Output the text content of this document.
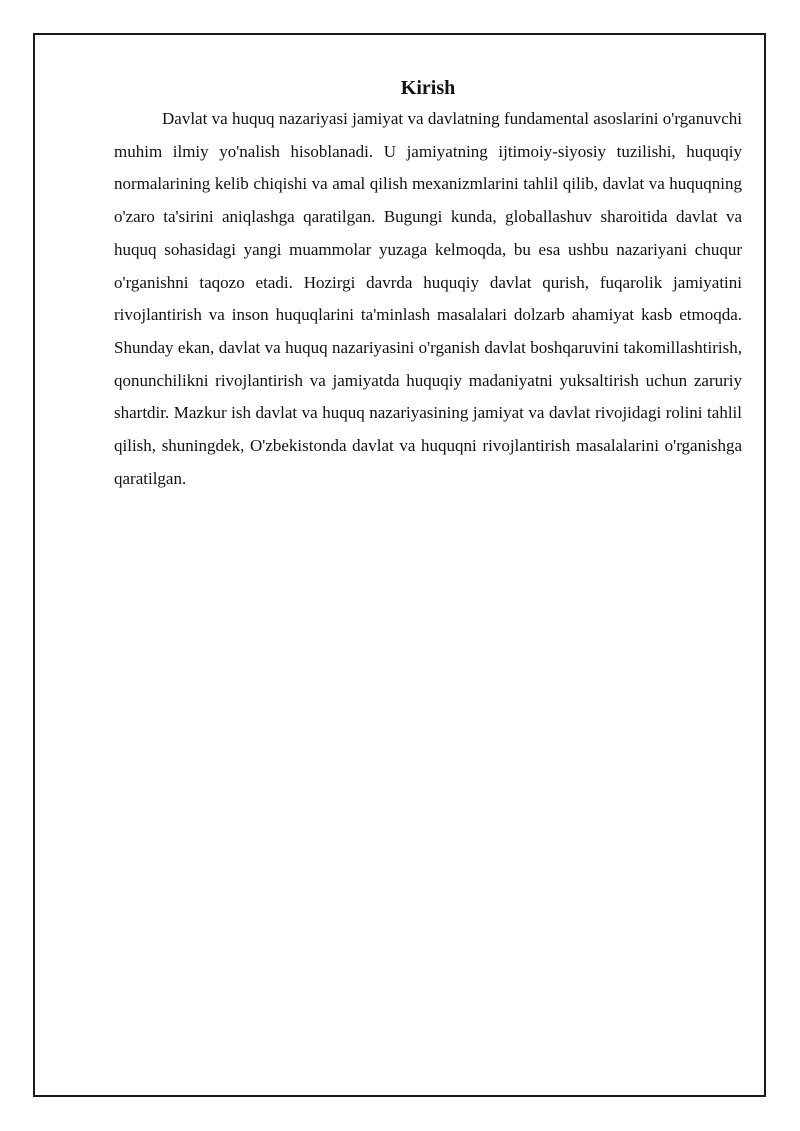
Kirish

Davlat va huquq nazariyasi jamiyat va davlatning fundamental asoslarini o'rganuvchi muhim ilmiy yo'nalish hisoblanadi. U jamiyatning ijtimoiy-siyosiy tuzilishi, huquqiy normalarining kelib chiqishi va amal qilish mexanizmlarini tahlil qilib, davlat va huquqning o'zaro ta'sirini aniqlashga qaratilgan. Bugungi kunda, globallashuv sharoitida davlat va huquq sohasidagi yangi muammolar yuzaga kelmoqda, bu esa ushbu nazariyani chuqur o'rganishni taqozo etadi. Hozirgi davrda huquqiy davlat qurish, fuqarolik jamiyatini rivojlantirish va inson huquqlarini ta'minlash masalalari dolzarb ahamiyat kasb etmoqda. Shunday ekan, davlat va huquq nazariyasini o'rganish davlat boshqaruvini takomillashtirish, qonunchilikni rivojlantirish va jamiyatda huquqiy madaniyatni yuksaltirish uchun zaruriy shartdir. Mazkur ish davlat va huquq nazariyasining jamiyat va davlat rivojidagi rolini tahlil qilish, shuningdek, O'zbekistonda davlat va huquqni rivojlantirish masalalarini o'rganishga qaratilgan.
